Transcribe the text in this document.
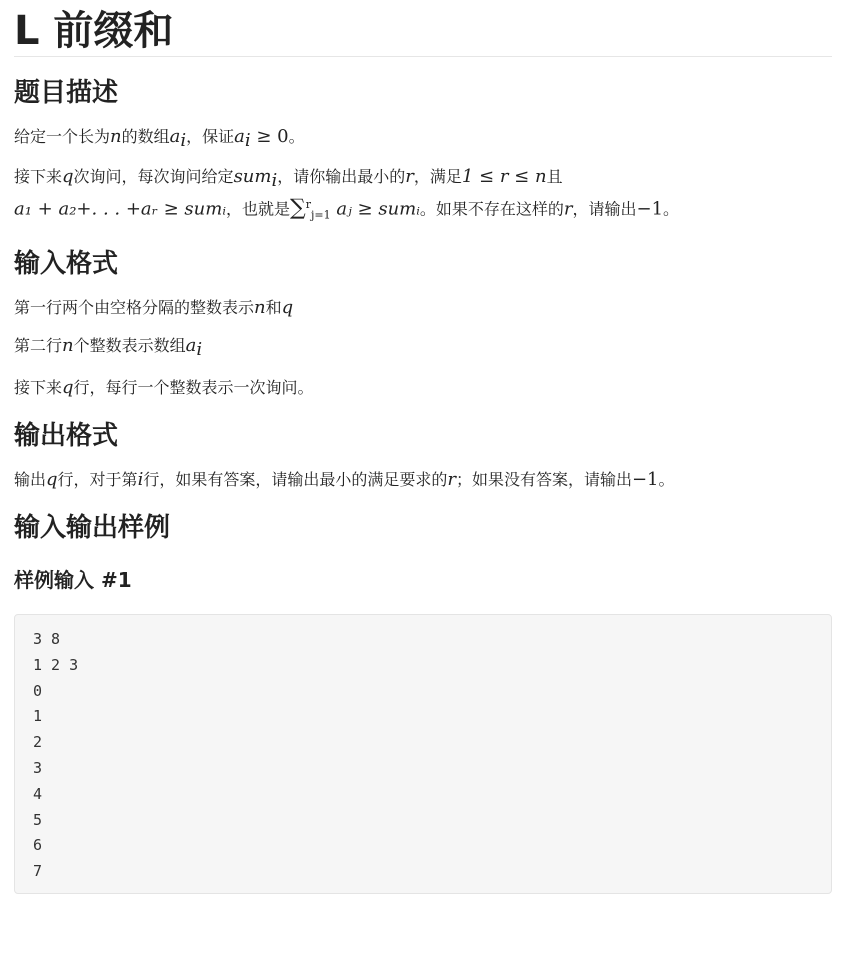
L 前缀和
题目描述

给定一个长为n的数组$a_i$，保证$a_i \ge 0$。

接下来q次询问，每次询问给定sum$_i$，请你输出最小的r，满足1 ≤ r ≤ n且
a₁ + a₂+. . . +aᵣ ≥ sumᵢ，也就是∑$^r_{j=1}$ aⱼ ≥ sumᵢ。如果不存在这样的r，请输出−1。

输入格式

第一行两个由空格分隔的整数表示n和q

第二行n个整数表示数组$a_i$

接下来q行，每行一个整数表示一次询问。

输出格式

输出q行，对于第i行，如果有答案，请输出最小的满足要求的r；如果没有答案，请输出−1。

输入输出样例
样例输入 #1
3 8
1 2 3
0
1
2
3
4
5
6
7
